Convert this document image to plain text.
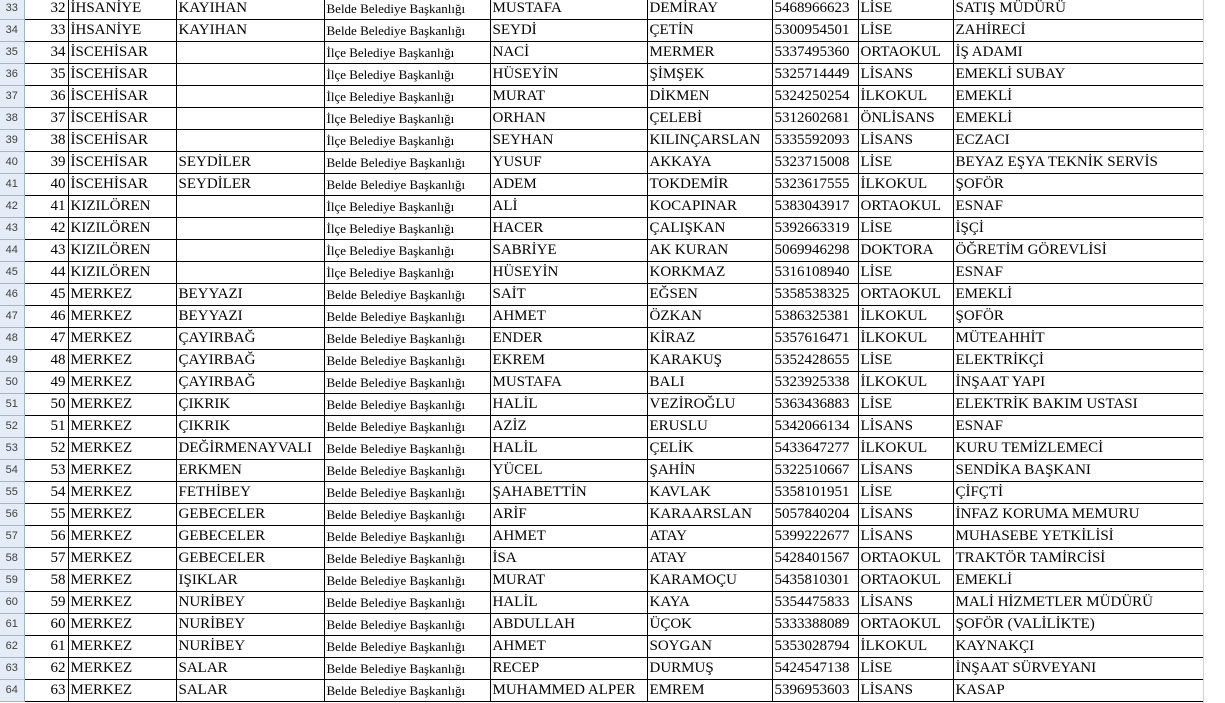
33	32	İHSANİYE	KAYIHAN	Belde Belediye Başkanlığı	MUSTAFA	DEMİRAY	5468966623	LİSE	SATIŞ MÜDÜRÜ
34	33	İHSANİYE	KAYIHAN	Belde Belediye Başkanlığı	SEYDİ	ÇETİN	5300954501	LİSE	ZAHİRECİ
35	34	İSCEHİSAR		İlçe Belediye Başkanlığı	NACİ	MERMER	5337495360	ORTAOKUL	İŞ ADAMI
36	35	İSCEHİSAR		İlçe Belediye Başkanlığı	HÜSEYİN	ŞİMŞEK	5325714449	LİSANS	EMEKLİ SUBAY
37	36	İSCEHİSAR		İlçe Belediye Başkanlığı	MURAT	DİKMEN	5324250254	İLKOKUL	EMEKLİ
38	37	İSCEHİSAR		İlçe Belediye Başkanlığı	ORHAN	ÇELEBİ	5312602681	ÖNLİSANS	EMEKLİ
39	38	İSCEHİSAR		İlçe Belediye Başkanlığı	SEYHAN	KILINÇARSLAN	5335592093	LİSANS	ECZACI
40	39	İSCEHİSAR	SEYDİLER	Belde Belediye Başkanlığı	YUSUF	AKKAYA	5323715008	LİSE	BEYAZ EŞYA TEKNİK SERVİS
41	40	İSCEHİSAR	SEYDİLER	Belde Belediye Başkanlığı	ADEM	TOKDEMİR	5323617555	İLKOKUL	ŞOFÖR
42	41	KIZILÖREN		İlçe Belediye Başkanlığı	ALİ	KOCAPINAR	5383043917	ORTAOKUL	ESNAF
43	42	KIZILÖREN		İlçe Belediye Başkanlığı	HACER	ÇALIŞKAN	5392663319	LİSE	İŞÇİ
44	43	KIZILÖREN		İlçe Belediye Başkanlığı	SABRİYE	AK KURAN	5069946298	DOKTORA	ÖĞRETİM GÖREVLİSİ
45	44	KIZILÖREN		İlçe Belediye Başkanlığı	HÜSEYİN	KORKMAZ	5316108940	LİSE	ESNAF
46	45	MERKEZ	BEYYAZI	Belde Belediye Başkanlığı	SAİT	EĞSEN	5358538325	ORTAOKUL	EMEKLİ
47	46	MERKEZ	BEYYAZI	Belde Belediye Başkanlığı	AHMET	ÖZKAN	5386325381	İLKOKUL	ŞOFÖR
48	47	MERKEZ	ÇAYIRBAĞ	Belde Belediye Başkanlığı	ENDER	KİRAZ	5357616471	İLKOKUL	MÜTEAHHİT
49	48	MERKEZ	ÇAYIRBAĞ	Belde Belediye Başkanlığı	EKREM	KARAKUŞ	5352428655	LİSE	ELEKTRİKÇİ
50	49	MERKEZ	ÇAYIRBAĞ	Belde Belediye Başkanlığı	MUSTAFA	BALI	5323925338	İLKOKUL	İNŞAAT YAPI
51	50	MERKEZ	ÇIKRIK	Belde Belediye Başkanlığı	HALİL	VEZİROĞLU	5363436883	LİSE	ELEKTRİK BAKIM USTASI
52	51	MERKEZ	ÇIKRIK	Belde Belediye Başkanlığı	AZİZ	ERUSLU	5342066134	LİSANS	ESNAF
53	52	MERKEZ	DEĞİRMENAYVALI	Belde Belediye Başkanlığı	HALİL	ÇELİK	5433647277	İLKOKUL	KURU TEMİZLEMECİ
54	53	MERKEZ	ERKMEN	Belde Belediye Başkanlığı	YÜCEL	ŞAHİN	5322510667	LİSANS	SENDİKA BAŞKANI
55	54	MERKEZ	FETHİBEY	Belde Belediye Başkanlığı	ŞAHABETTİN	KAVLAK	5358101951	LİSE	ÇİFÇTİ
56	55	MERKEZ	GEBECELER	Belde Belediye Başkanlığı	ARİF	KARAARSLAN	5057840204	LİSANS	İNFAZ KORUMA MEMURU
57	56	MERKEZ	GEBECELER	Belde Belediye Başkanlığı	AHMET	ATAY	5399222677	LİSANS	MUHASEBE YETKİLİSİ
58	57	MERKEZ	GEBECELER	Belde Belediye Başkanlığı	İSA	ATAY	5428401567	ORTAOKUL	TRAKTÖR TAMİRCİSİ
59	58	MERKEZ	IŞIKLAR	Belde Belediye Başkanlığı	MURAT	KARAMOÇU	5435810301	ORTAOKUL	EMEKLİ
60	59	MERKEZ	NURİBEY	Belde Belediye Başkanlığı	HALİL	KAYA	5354475833	LİSANS	MALİ HİZMETLER MÜDÜRÜ
61	60	MERKEZ	NURİBEY	Belde Belediye Başkanlığı	ABDULLAH	ÜÇOK	5333388089	ORTAOKUL	ŞOFÖR (VALİLİKTE)
62	61	MERKEZ	NURİBEY	Belde Belediye Başkanlığı	AHMET	SOYGAN	5353028794	İLKOKUL	KAYNAKÇI
63	62	MERKEZ	SALAR	Belde Belediye Başkanlığı	RECEP	DURMUŞ	5424547138	LİSE	İNŞAAT SÜRVEYANI
64	63	MERKEZ	SALAR	Belde Belediye Başkanlığı	MUHAMMED ALPER	EMREM	5396953603	LİSANS	KASAP
